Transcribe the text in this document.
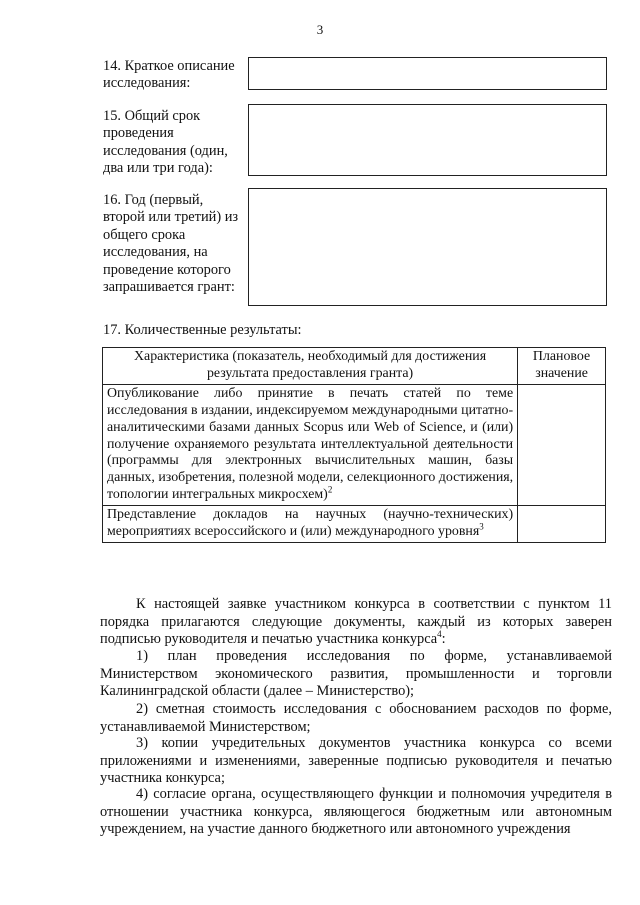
3

14. Краткое описание исследования:

15. Общий срок проведения исследования (один, два или три года):

16. Год (первый, второй или третий) из общего срока исследования, на проведение которого запрашивается грант:

17. Количественные результаты:

Характеристика (показатель, необходимый для достижения результата предоставления гранта)	Плановое значение
Опубликование либо принятие в печать статей по теме исследования в издании, индексируемом международными цитатно-аналитическими базами данных Scopus или Web of Science, и (или) получение охраняемого результата интеллектуальной деятельности (программы для электронных вычислительных машин, базы данных, изобретения, полезной модели, селекционного достижения, топологии интегральных микросхем)$^2$	
Представление докладов на научных (научно-технических) мероприятиях всероссийского и (или) международного уровня$^3$	

К настоящей заявке участником конкурса в соответствии с пунктом 11 порядка прилагаются следующие документы, каждый из которых заверен подписью руководителя и печатью участника конкурса$^4$:

1) план проведения исследования по форме, устанавливаемой Министерством экономического развития, промышленности и торговли Калининградской области (далее – Министерство);

2) сметная стоимость исследования с обоснованием расходов по форме, устанавливаемой Министерством;

3) копии учредительных документов участника конкурса со всеми приложениями и изменениями, заверенные подписью руководителя и печатью участника конкурса;

4) согласие органа, осуществляющего функции и полномочия учредителя в отношении участника конкурса, являющегося бюджетным или автономным учреждением, на участие данного бюджетного или автономного учреждения
